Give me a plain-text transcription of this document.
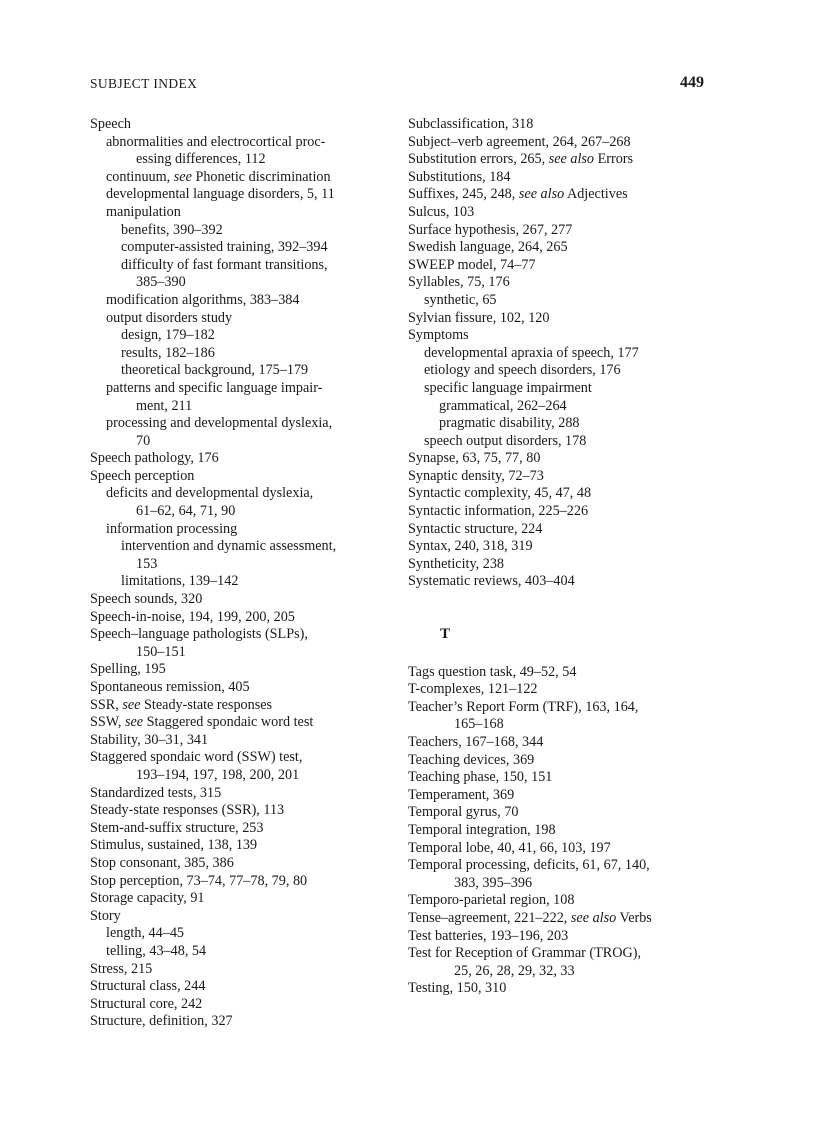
SUBJECT INDEX	449
Speech
abnormalities and electrocortical proc-
essing differences, 112
continuum, see Phonetic discrimination
developmental language disorders, 5, 11
manipulation
benefits, 390–392
computer-assisted training, 392–394
difficulty of fast formant transitions,
385–390
modification algorithms, 383–384
output disorders study
design, 179–182
results, 182–186
theoretical background, 175–179
patterns and specific language impair-
ment, 211
processing and developmental dyslexia,
70
Speech pathology, 176
Speech perception
deficits and developmental dyslexia,
61–62, 64, 71, 90
information processing
intervention and dynamic assessment,
153
limitations, 139–142
Speech sounds, 320
Speech-in-noise, 194, 199, 200, 205
Speech–language pathologists (SLPs),
150–151
Spelling, 195
Spontaneous remission, 405
SSR, see Steady-state responses
SSW, see Staggered spondaic word test
Stability, 30–31, 341
Staggered spondaic word (SSW) test,
193–194, 197, 198, 200, 201
Standardized tests, 315
Steady-state responses (SSR), 113
Stem-and-suffix structure, 253
Stimulus, sustained, 138, 139
Stop consonant, 385, 386
Stop perception, 73–74, 77–78, 79, 80
Storage capacity, 91
Story
length, 44–45
telling, 43–48, 54
Stress, 215
Structural class, 244
Structural core, 242
Structure, definition, 327
Subclassification, 318
Subject–verb agreement, 264, 267–268
Substitution errors, 265, see also Errors
Substitutions, 184
Suffixes, 245, 248, see also Adjectives
Sulcus, 103
Surface hypothesis, 267, 277
Swedish language, 264, 265
SWEEP model, 74–77
Syllables, 75, 176
synthetic, 65
Sylvian fissure, 102, 120
Symptoms
developmental apraxia of speech, 177
etiology and speech disorders, 176
specific language impairment
grammatical, 262–264
pragmatic disability, 288
speech output disorders, 178
Synapse, 63, 75, 77, 80
Synaptic density, 72–73
Syntactic complexity, 45, 47, 48
Syntactic information, 225–226
Syntactic structure, 224
Syntax, 240, 318, 319
Syntheticity, 238
Systematic reviews, 403–404
T
Tags question task, 49–52, 54
T-complexes, 121–122
Teacher’s Report Form (TRF), 163, 164,
165–168
Teachers, 167–168, 344
Teaching devices, 369
Teaching phase, 150, 151
Temperament, 369
Temporal gyrus, 70
Temporal integration, 198
Temporal lobe, 40, 41, 66, 103, 197
Temporal processing, deficits, 61, 67, 140,
383, 395–396
Temporo-parietal region, 108
Tense–agreement, 221–222, see also Verbs
Test batteries, 193–196, 203
Test for Reception of Grammar (TROG),
25, 26, 28, 29, 32, 33
Testing, 150, 310
